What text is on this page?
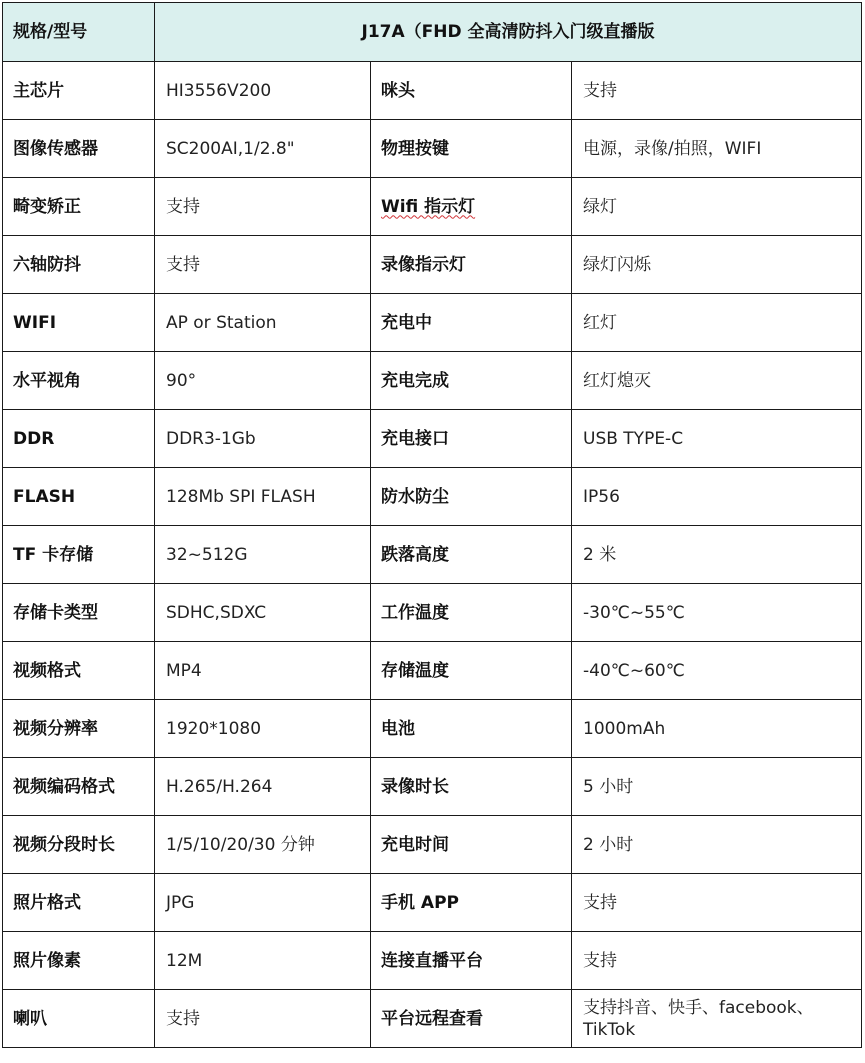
规格/型号	J17A（FHD 全高清防抖入门级直播版		
主芯片	HI3556V200	咪头	支持
图像传感器	SC200AI,1/2.8"	物理按键	电源，录像/拍照，WIFI
畸变矫正	支持	Wifi 指示灯	绿灯
六轴防抖	支持	录像指示灯	绿灯闪烁
WIFI	AP or Station	充电中	红灯
水平视角	90°	充电完成	红灯熄灭
DDR	DDR3-1Gb	充电接口	USB TYPE-C
FLASH	128Mb SPI FLASH	防水防尘	IP56
TF 卡存储	32~512G	跌落高度	2 米
存储卡类型	SDHC,SDXC	工作温度	-30℃~55℃
视频格式	MP4	存储温度	-40℃~60℃
视频分辨率	1920*1080	电池	1000mAh
视频编码格式	H.265/H.264	录像时长	5 小时
视频分段时长	1/5/10/20/30 分钟	充电时间	2 小时
照片格式	JPG	手机 APP	支持
照片像素	12M	连接直播平台	支持
喇叭	支持	平台远程查看	支持抖音、快手、facebook、TikTok
